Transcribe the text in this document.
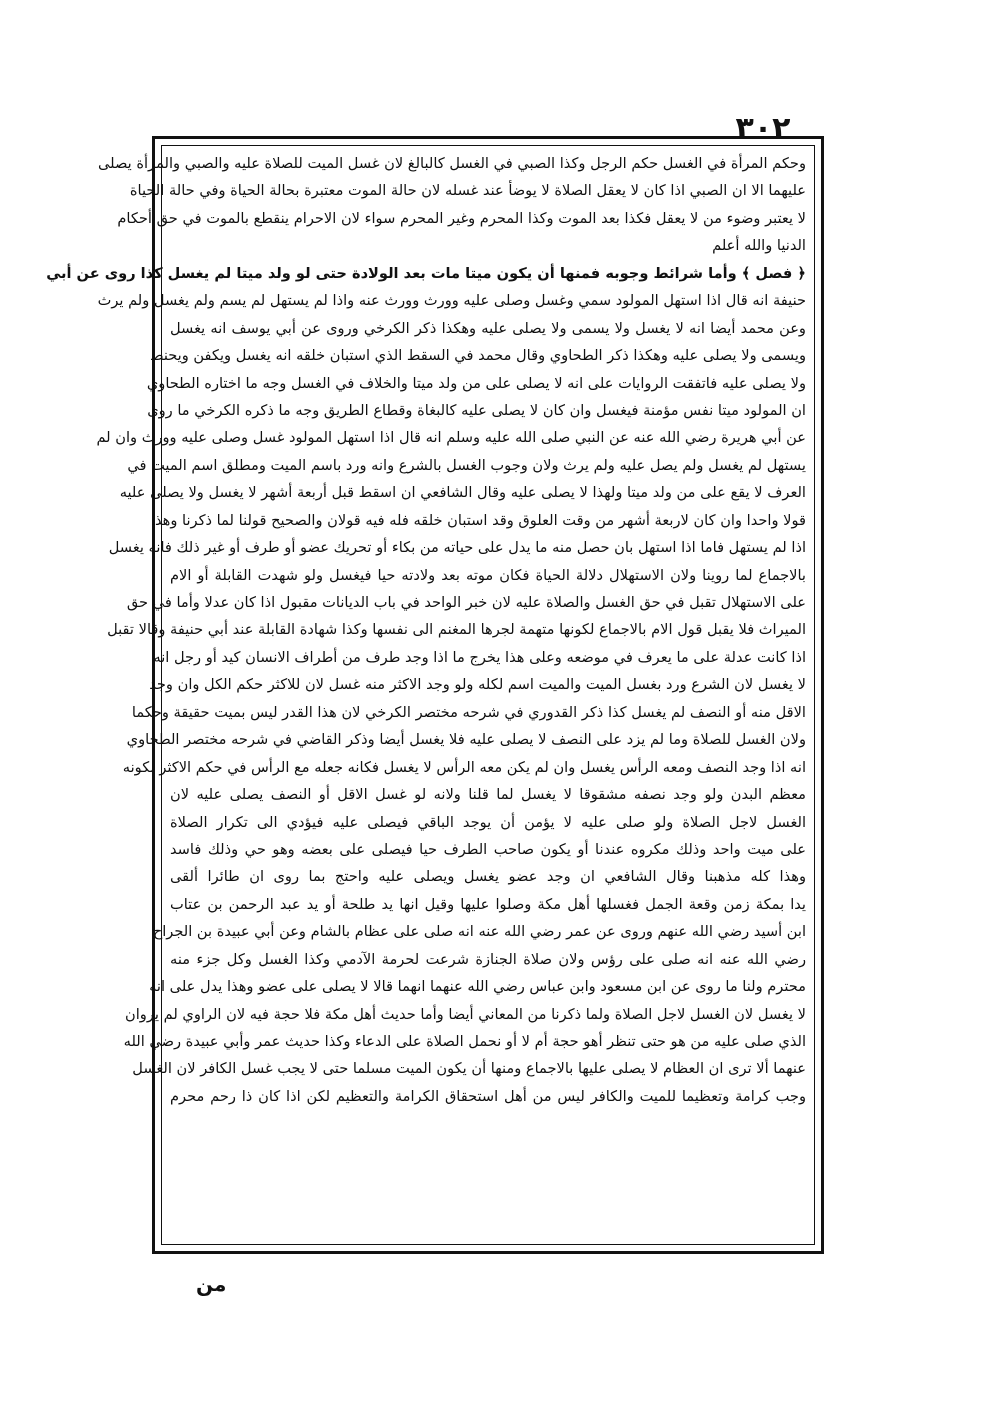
٣٠٢
وحكم المرأة في الغسل حكم الرجل وكذا الصبي في الغسل كالبالغ لان غسل الميت للصلاة عليه والصبي والمرأة يصلى
عليهما الا ان الصبي اذا كان لا يعقل الصلاة لا يوضأ عند غسله لان حالة الموت معتبرة بحالة الحياة وفي حالة الحياة
لا يعتبر وضوء من لا يعقل فكذا بعد الموت وكذا المحرم وغير المحرم سواء لان الاحرام ينقطع بالموت في حق أحكام
الدنيا والله أعلم
﴿ فصل ﴾ وأما شرائط وجوبه فمنها أن يكون ميتا مات بعد الولادة حتى لو ولد ميتا لم يغسل كذا روى عن أبي
حنيفة انه قال اذا استهل المولود سمي وغسل وصلى عليه وورث وورث عنه واذا لم يستهل لم يسم ولم يغسل ولم يرث
وعن محمد أيضا انه لا يغسل ولا يسمى ولا يصلى عليه وهكذا ذكر الكرخي وروى عن أبي يوسف انه يغسل
ويسمى ولا يصلى عليه وهكذا ذكر الطحاوي وقال محمد في السقط الذي استبان خلقه انه يغسل ويكفن ويحنط
ولا يصلى عليه فاتفقت الروايات على انه لا يصلى على من ولد ميتا والخلاف في الغسل وجه ما اختاره الطحاوي
ان المولود ميتا نفس مؤمنة فيغسل وان كان لا يصلى عليه كالبغاة وقطاع الطريق وجه ما ذكره الكرخي ما روى
عن أبي هريرة رضي الله عنه عن النبي صلى الله عليه وسلم انه قال اذا استهل المولود غسل وصلى عليه وورث وان لم
يستهل لم يغسل ولم يصل عليه ولم يرث ولان وجوب الغسل بالشرع وانه ورد باسم الميت ومطلق اسم الميت في
العرف لا يقع على من ولد ميتا ولهذا لا يصلى عليه وقال الشافعي ان اسقط قبل أربعة أشهر لا يغسل ولا يصلى عليه
قولا واحدا وان كان لاربعة أشهر من وقت العلوق وقد استبان خلقه فله فيه قولان والصحيح قولنا لما ذكرنا وهذا
اذا لم يستهل فاما اذا استهل بان حصل منه ما يدل على حياته من بكاء أو تحريك عضو أو طرف أو غير ذلك فانه يغسل
بالاجماع لما روينا ولان الاستهلال دلالة الحياة فكان موته بعد ولادته حيا فيغسل ولو شهدت القابلة أو الام
على الاستهلال تقبل في حق الغسل والصلاة عليه لان خبر الواحد في باب الديانات مقبول اذا كان عدلا وأما في حق
الميراث فلا يقبل قول الام بالاجماع لكونها متهمة لجرها المغنم الى نفسها وكذا شهادة القابلة عند أبي حنيفة وقالا تقبل
اذا كانت عدلة على ما يعرف في موضعه وعلى هذا يخرج ما اذا وجد طرف من أطراف الانسان كيد أو رجل انه
لا يغسل لان الشرع ورد بغسل الميت والميت اسم لكله ولو وجد الاكثر منه غسل لان للاكثر حكم الكل وان وجد
الاقل منه أو النصف لم يغسل كذا ذكر القدوري في شرحه مختصر الكرخي لان هذا القدر ليس بميت حقيقة وحكما
ولان الغسل للصلاة وما لم يزد على النصف لا يصلى عليه فلا يغسل أيضا وذكر القاضي في شرحه مختصر الطحاوي
انه اذا وجد النصف ومعه الرأس يغسل وان لم يكن معه الرأس لا يغسل فكانه جعله مع الرأس في حكم الاكثر لكونه
معظم البدن ولو وجد نصفه مشقوقا لا يغسل لما قلنا ولانه لو غسل الاقل أو النصف يصلى عليه لان
الغسل لاجل الصلاة ولو صلى عليه لا يؤمن أن يوجد الباقي فيصلى عليه فيؤدي الى تكرار الصلاة
على ميت واحد وذلك مكروه عندنا أو يكون صاحب الطرف حيا فيصلى على بعضه وهو حي وذلك فاسد
وهذا كله مذهبنا وقال الشافعي ان وجد عضو يغسل ويصلى عليه واحتج بما روى ان طائرا ألقى
يدا بمكة زمن وقعة الجمل فغسلها أهل مكة وصلوا عليها وقيل انها يد طلحة أو يد عبد الرحمن بن عتاب
ابن أسيد رضي الله عنهم وروى عن عمر رضي الله عنه انه صلى على عظام بالشام وعن أبي عبيدة بن الجراح
رضي الله عنه انه صلى على رؤس ولان صلاة الجنازة شرعت لحرمة الآدمي وكذا الغسل وكل جزء منه
محترم ولنا ما روى عن ابن مسعود وابن عباس رضي الله عنهما انهما قالا لا يصلى على عضو وهذا يدل على انه
لا يغسل لان الغسل لاجل الصلاة ولما ذكرنا من المعاني أيضا وأما حديث أهل مكة فلا حجة فيه لان الراوي لم يروان
الذي صلى عليه من هو حتى تنظر أهو حجة أم لا أو نحمل الصلاة على الدعاء وكذا حديث عمر وأبي عبيدة رضي الله
عنهما ألا ترى ان العظام لا يصلى عليها بالاجماع ومنها أن يكون الميت مسلما حتى لا يجب غسل الكافر لان الغسل
وجب كرامة وتعظيما للميت والكافر ليس من أهل استحقاق الكرامة والتعظيم لكن اذا كان ذا رحم محرم
من
